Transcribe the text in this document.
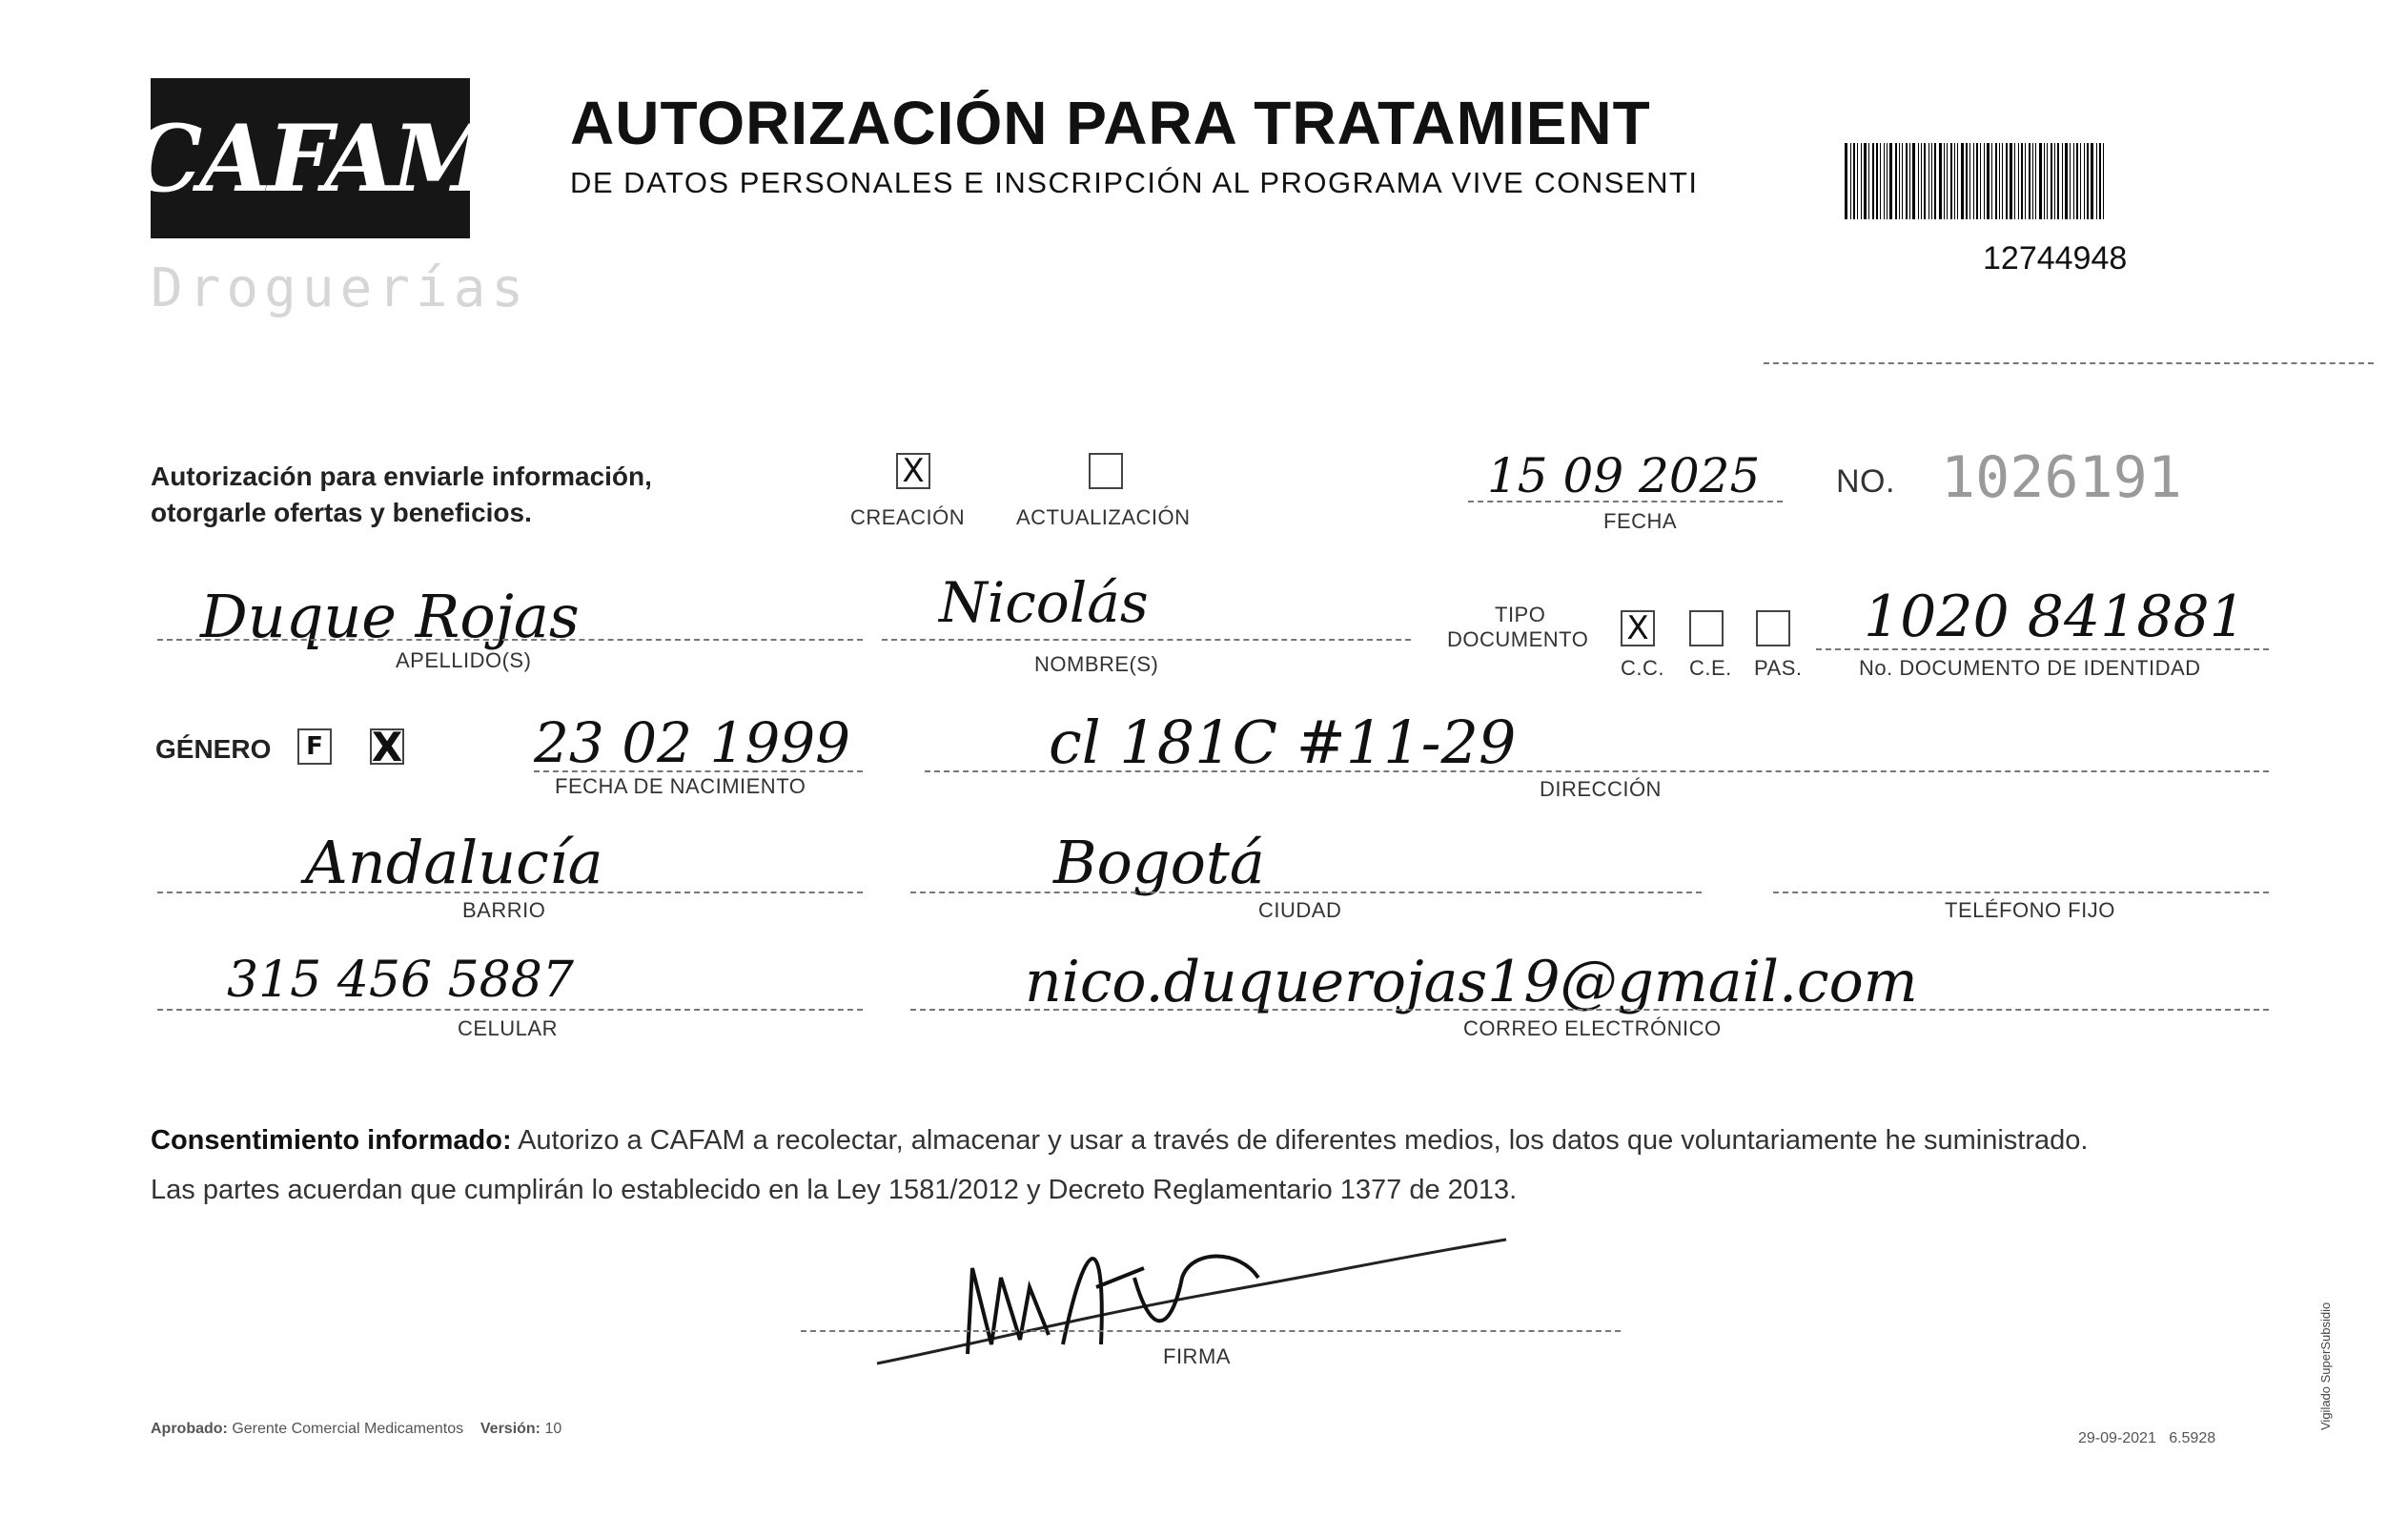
CAFAM
Droguerías
AUTORIZACIÓN PARA TRATAMIENT
DE DATOS PERSONALES E INSCRIPCIÓN AL PROGRAMA VIVE CONSENTI
12744948
Autorización para enviarle información,
otorgarle ofertas y beneficios.
X
CREACIÓN ACTUALIZACIÓN
15 09 2025
FECHA
NO. 1026191
Duque Rojas
APELLIDO(S)
Nicolás
NOMBRE(S)
TIPO
DOCUMENTO X
C.C. C.E. PAS.
1020 841881
No. DOCUMENTO DE IDENTIDAD
GÉNERO	F X 23 02 1999
FECHA DE NACIMIENTO
cl 181C #11-29
DIRECCIÓN
Andalucía
BARRIO
Bogotá
CIUDAD	TELÉFONO FIJO
315 456 5887
CELULAR
nico.duquerojas19@gmail.com
CORREO ELECTRÓNICO
Consentimiento informado: Autorizo a CAFAM a recolectar, almacenar y usar a través de diferentes medios, los datos que voluntariamente he suministrado.
Las partes acuerdan que cumplirán lo establecido en la Ley 1581/2012 y Decreto Reglamentario 1377 de 2013.
FIRMA
Aprobado: Gerente Comercial Medicamentos Versión: 10
29-09-2021 6.5928
Vigilado SuperSubsidio
